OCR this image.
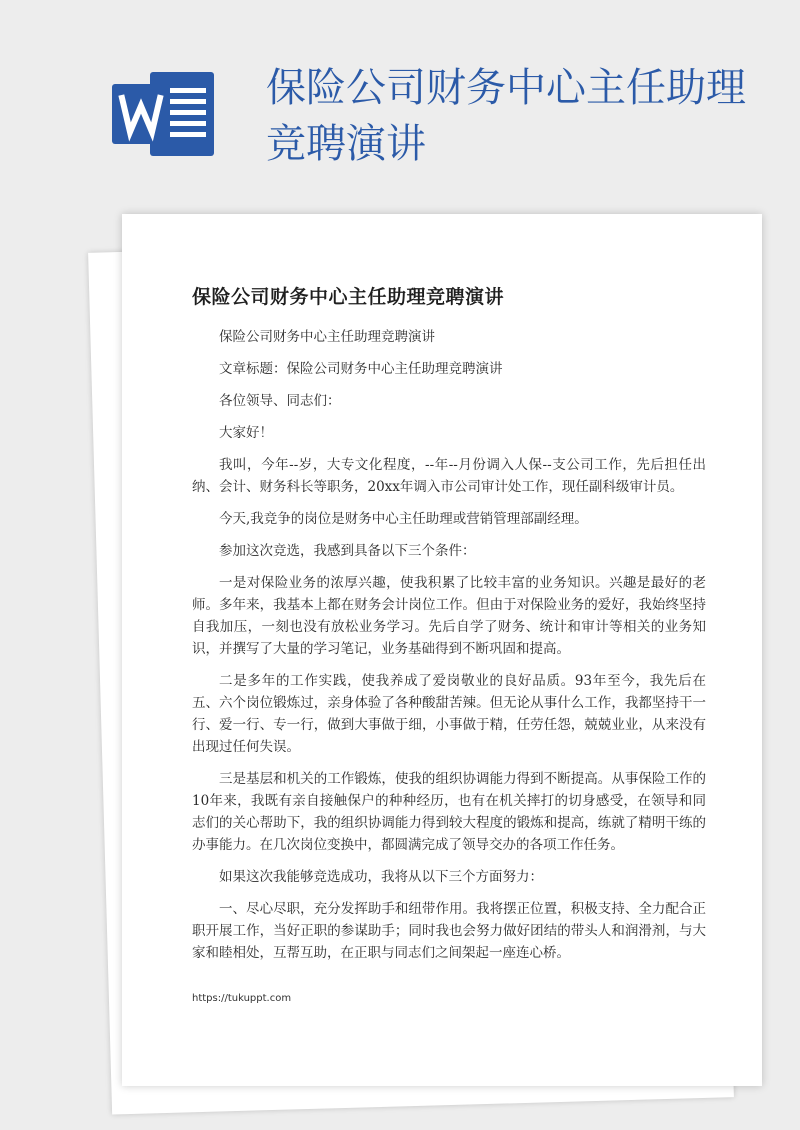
保险公司财务中心主任助理竞聘演讲
保险公司财务中心主任助理竞聘演讲

保险公司财务中心主任助理竞聘演讲

文章标题：保险公司财务中心主任助理竞聘演讲

各位领导、同志们：

大家好！

我叫，今年--岁，大专文化程度，--年--月份调入人保--支公司工作，先后担任出纳、会计、财务科长等职务，20xx年调入市公司审计处工作，现任副科级审计员。

今天,我竞争的岗位是财务中心主任助理或营销管理部副经理。

参加这次竞选，我感到具备以下三个条件：

一是对保险业务的浓厚兴趣，使我积累了比较丰富的业务知识。兴趣是最好的老师。多年来，我基本上都在财务会计岗位工作。但由于对保险业务的爱好，我始终坚持自我加压，一刻也没有放松业务学习。先后自学了财务、统计和审计等相关的业务知识，并撰写了大量的学习笔记，业务基础得到不断巩固和提高。

二是多年的工作实践，使我养成了爱岗敬业的良好品质。93年至今，我先后在五、六个岗位锻炼过，亲身体验了各种酸甜苦辣。但无论从事什么工作，我都坚持干一行、爱一行、专一行，做到大事做于细，小事做于精，任劳任怨，兢兢业业，从来没有出现过任何失误。

三是基层和机关的工作锻炼，使我的组织协调能力得到不断提高。从事保险工作的10年来，我既有亲自接触保户的种种经历，也有在机关摔打的切身感受，在领导和同志们的关心帮助下，我的组织协调能力得到较大程度的锻炼和提高，练就了精明干练的办事能力。在几次岗位变换中，都圆满完成了领导交办的各项工作任务。

如果这次我能够竞选成功，我将从以下三个方面努力：

一、尽心尽职，充分发挥助手和纽带作用。我将摆正位置，积极支持、全力配合正职开展工作，当好正职的参谋助手；同时我也会努力做好团结的带头人和润滑剂，与大家和睦相处，互帮互助，在正职与同志们之间架起一座连心桥。

https://tukuppt.com
